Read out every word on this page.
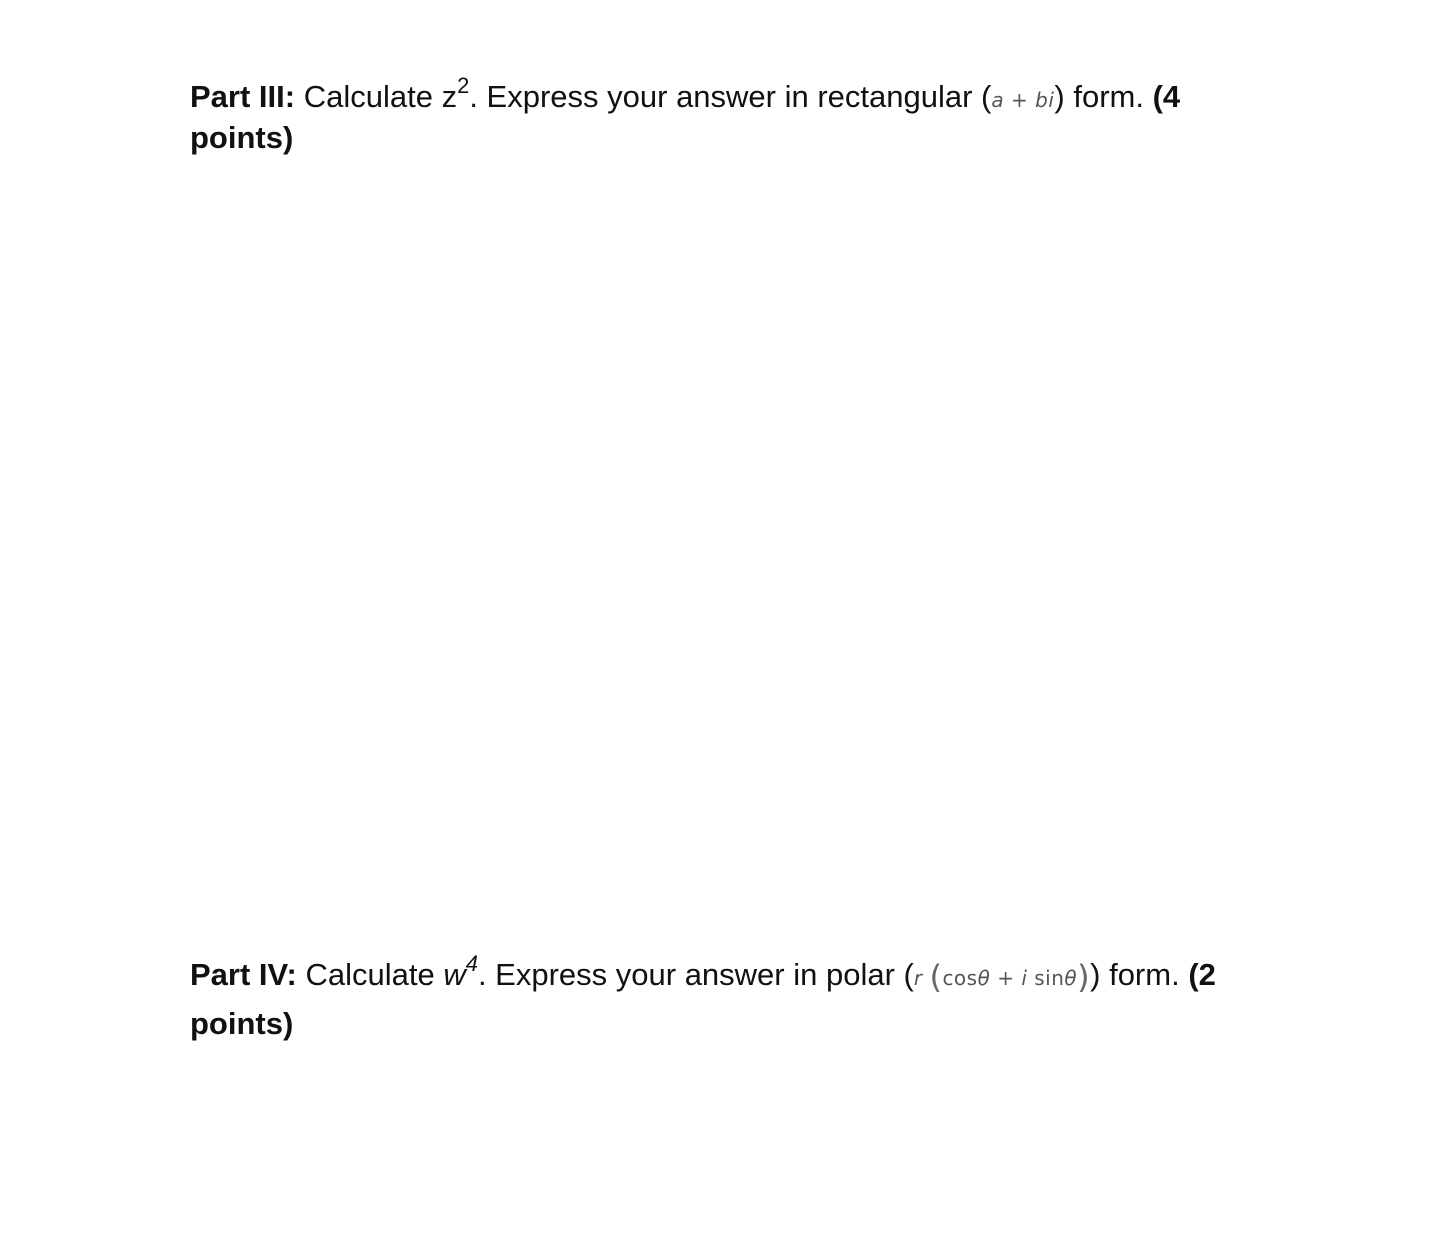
Part III: Calculate $z^2$. Express your answer in rectangular (a + bi) form. (4 points)

Part IV: Calculate $w^4$. Express your answer in polar (r (cosθ + i sinθ)) form. (2 points)
